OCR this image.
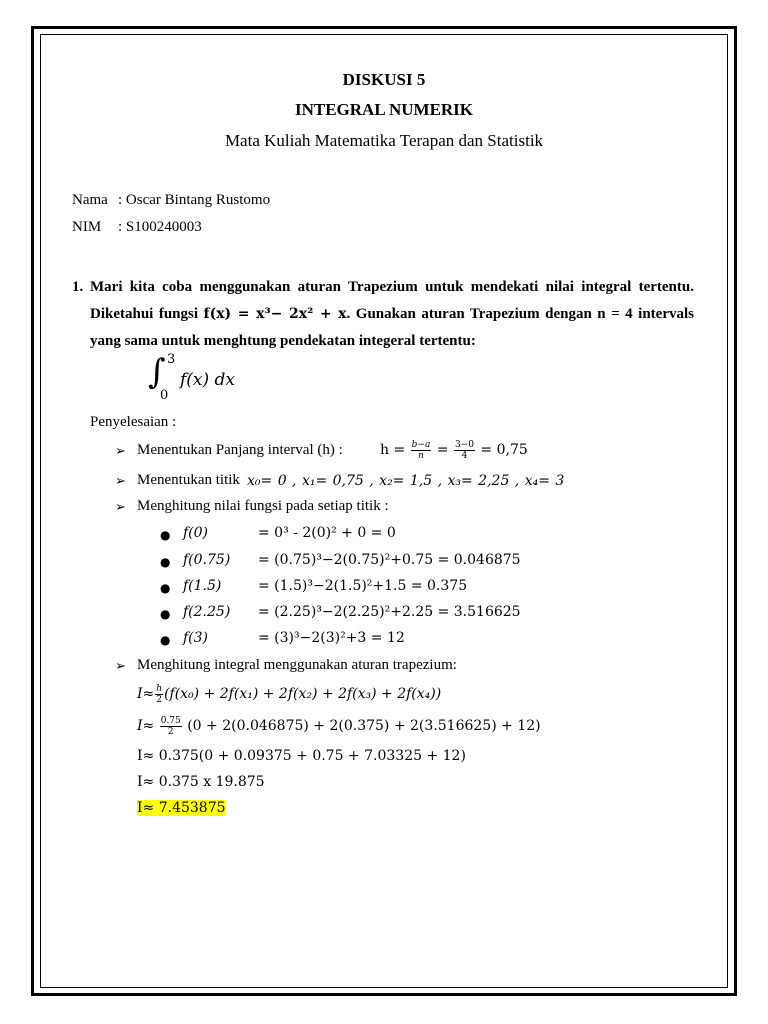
DISKUSI 5
INTEGRAL NUMERIK
Mata Kuliah Matematika Terapan dan Statistik
Nama : Oscar Bintang Rustomo
NIM : S100240003
1. Mari kita coba menggunakan aturan Trapezium untuk mendekati nilai integral tertentu. Diketahui fungsi f(x) = x³− 2x² + x. Gunakan aturan Trapezium dengan n = 4 intervals yang sama untuk menghtung pendekatan integeral tertentu:
∫ 3
0
f(x) dx
Penyelesaian :
➢ Menentukan Panjang interval (h) :	$h = \frac{b-a}{n} = \frac{3-0}{4} = 0,75$
➢ Menentukan titik x₀= 0 , x₁= 0,75 , x₂= 1,5 , x₃= 2,25 , x₄= 3
➢ Menghitung nilai fungsi pada setiap titik :
● f(0)	= 0³ - 2(0)² + 0 = 0
● f(0.75) = (0.75)³−2(0.75)²+0.75 = 0.046875
● f(1.5)	= (1.5)³−2(1.5)²+1.5 = 0.375
● f(2.25) = (2.25)³−2(2.25)²+2.25 = 3.516625
● f(3)	= (3)³−2(3)²+3 = 12
➢ Menghitung integral menggunakan aturan trapezium:
$I\approx \frac{h}{2} (f(x_0) + 2f(x_1) + 2f(x_2) + 2f(x_3) + 2f(x_4))$
$I\approx \frac{0.75}{2} (0 + 2(0.046875) + 2(0.375) + 2(3.516625) + 12)$
I≈ 0.375(0 + 0.09375 + 0.75 + 7.03325 + 12)
I≈ 0.375 x 19.875
I≈ 7.453875
